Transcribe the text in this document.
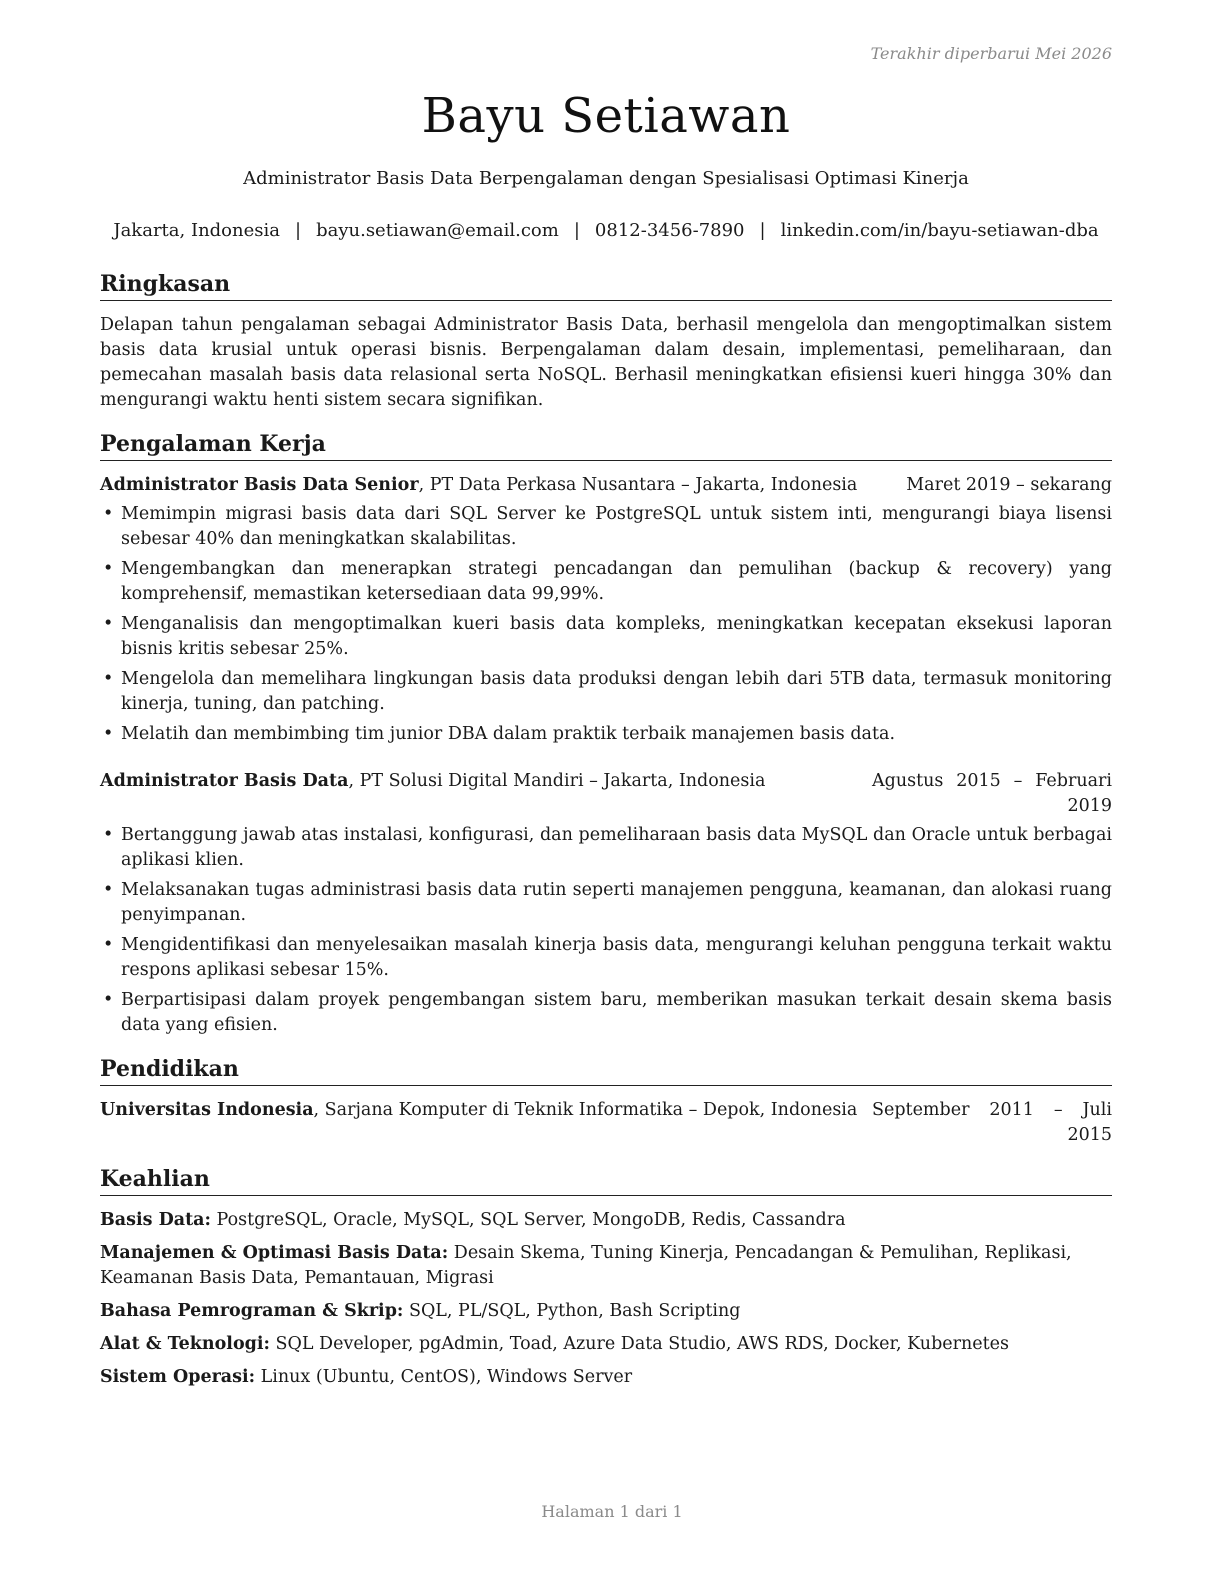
Terakhir diperbarui Mei 2026
Bayu Setiawan
Administrator Basis Data Berpengalaman dengan Spesialisasi Optimasi Kinerja
Jakarta, Indonesia | bayu.setiawan@email.com | 0812-3456-7890 | linkedin.com/in/bayu-setiawan-dba
Ringkasan

Delapan tahun pengalaman sebagai Administrator Basis Data, berhasil mengelola dan mengoptimalkan sistem basis data krusial untuk operasi bisnis. Berpengalaman dalam desain, implementasi, pemeliharaan, dan pemecahan masalah basis data relasional serta NoSQL. Berhasil meningkatkan efisiensi kueri hingga 30% dan mengurangi waktu henti sistem secara signifikan.

Pengalaman Kerja
Administrator Basis Data Senior, PT Data Perkasa Nusantara – Jakarta, Indonesia	Maret 2019 – sekarang
• Memimpin migrasi basis data dari SQL Server ke PostgreSQL untuk sistem inti, mengurangi biaya lisensi sebesar 40% dan meningkatkan skalabilitas.
• Mengembangkan dan menerapkan strategi pencadangan dan pemulihan (backup & recovery) yang komprehensif, memastikan ketersediaan data 99,99%.
• Menganalisis dan mengoptimalkan kueri basis data kompleks, meningkatkan kecepatan eksekusi laporan bisnis kritis sebesar 25%.
• Mengelola dan memelihara lingkungan basis data produksi dengan lebih dari 5TB data, termasuk monitoring kinerja, tuning, dan patching.
• Melatih dan membimbing tim junior DBA dalam praktik terbaik manajemen basis data.
Administrator Basis Data, PT Solusi Digital Mandiri – Jakarta, Indonesia	Agustus 2015 – Februari 2019
• Bertanggung jawab atas instalasi, konfigurasi, dan pemeliharaan basis data MySQL dan Oracle untuk berbagai aplikasi klien.
• Melaksanakan tugas administrasi basis data rutin seperti manajemen pengguna, keamanan, dan alokasi ruang penyimpanan.
• Mengidentifikasi dan menyelesaikan masalah kinerja basis data, mengurangi keluhan pengguna terkait waktu respons aplikasi sebesar 15%.
• Berpartisipasi dalam proyek pengembangan sistem baru, memberikan masukan terkait desain skema basis data yang efisien.
Pendidikan
Universitas Indonesia, Sarjana Komputer di Teknik Informatika – Depok, Indonesia September 2011 – Juli 2015
Keahlian
Basis Data: PostgreSQL, Oracle, MySQL, SQL Server, MongoDB, Redis, Cassandra
Manajemen & Optimasi Basis Data: Desain Skema, Tuning Kinerja, Pencadangan & Pemulihan, Replikasi, Keamanan Basis Data, Pemantauan, Migrasi
Bahasa Pemrograman & Skrip: SQL, PL/SQL, Python, Bash Scripting
Alat & Teknologi: SQL Developer, pgAdmin, Toad, Azure Data Studio, AWS RDS, Docker, Kubernetes
Sistem Operasi: Linux (Ubuntu, CentOS), Windows Server
Halaman 1 dari 1
